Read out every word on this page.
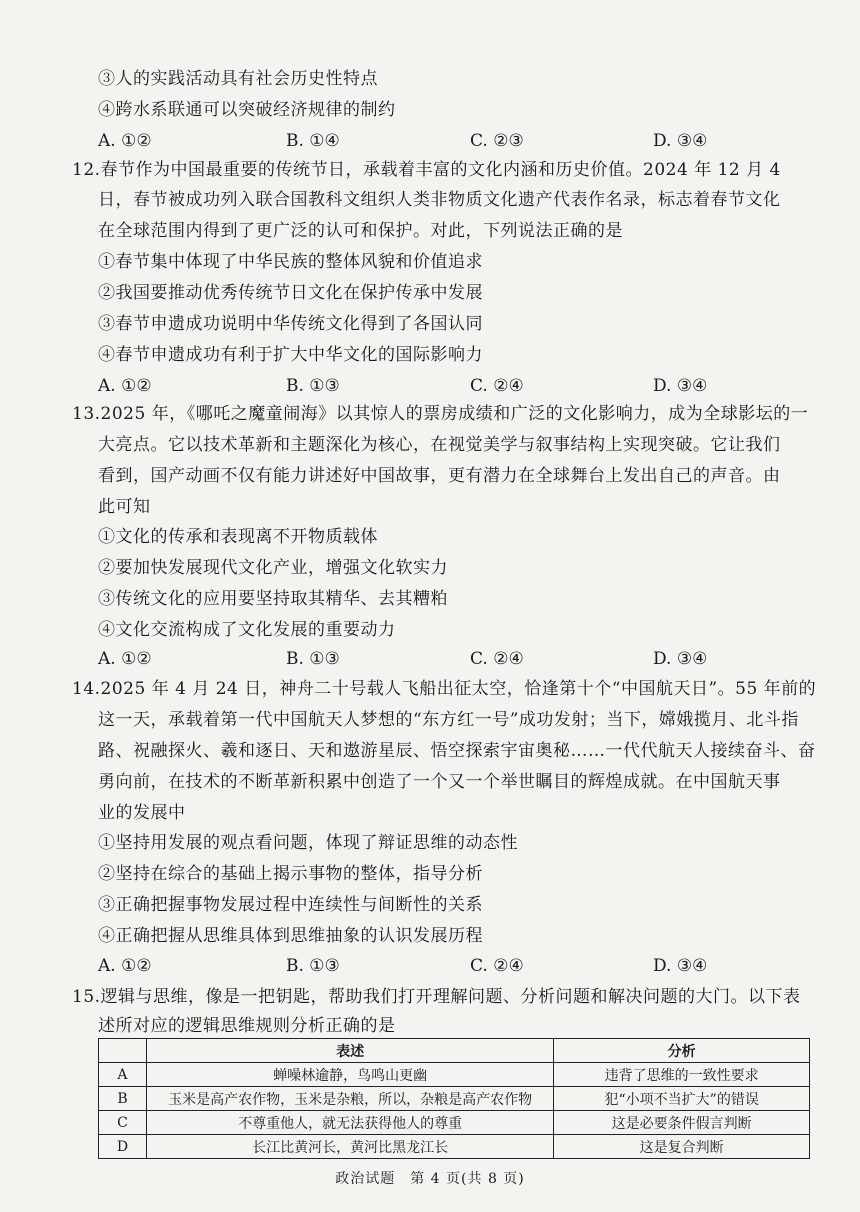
③人的实践活动具有社会历史性特点
④跨水系联通可以突破经济规律的制约
A. ①②	B. ①④	C. ②③	D. ③④
12.春节作为中国最重要的传统节日，承载着丰富的文化内涵和历史价值。2024 年 12 月 4
日，春节被成功列入联合国教科文组织人类非物质文化遗产代表作名录，标志着春节文化
在全球范围内得到了更广泛的认可和保护。对此，下列说法正确的是
①春节集中体现了中华民族的整体风貌和价值追求
②我国要推动优秀传统节日文化在保护传承中发展
③春节申遗成功说明中华传统文化得到了各国认同
④春节申遗成功有利于扩大中华文化的国际影响力
A. ①②	B. ①③	C. ②④	D. ③④
13.2025 年，《哪吒之魔童闹海》以其惊人的票房成绩和广泛的文化影响力，成为全球影坛的一
大亮点。它以技术革新和主题深化为核心，在视觉美学与叙事结构上实现突破。它让我们
看到，国产动画不仅有能力讲述好中国故事，更有潜力在全球舞台上发出自己的声音。由
此可知
①文化的传承和表现离不开物质载体
②要加快发展现代文化产业，增强文化软实力
③传统文化的应用要坚持取其精华、去其糟粕
④文化交流构成了文化发展的重要动力
A. ①②	B. ①③	C. ②④	D. ③④
14.2025 年 4 月 24 日，神舟二十号载人飞船出征太空，恰逢第十个“中国航天日”。55 年前的
这一天，承载着第一代中国航天人梦想的“东方红一号”成功发射；当下，嫦娥揽月、北斗指
路、祝融探火、羲和逐日、天和遨游星辰、悟空探索宇宙奥秘……一代代航天人接续奋斗、奋
勇向前，在技术的不断革新积累中创造了一个又一个举世瞩目的辉煌成就。在中国航天事
业的发展中
①坚持用发展的观点看问题，体现了辩证思维的动态性
②坚持在综合的基础上揭示事物的整体，指导分析
③正确把握事物发展过程中连续性与间断性的关系
④正确把握从思维具体到思维抽象的认识发展历程
A. ①②	B. ①③	C. ②④	D. ③④
15.逻辑与思维，像是一把钥匙，帮助我们打开理解问题、分析问题和解决问题的大门。以下表
述所对应的逻辑思维规则分析正确的是
	表述	分析
A	蝉噪林逾静，鸟鸣山更幽	违背了思维的一致性要求
B	玉米是高产农作物，玉米是杂粮，所以，杂粮是高产农作物	犯“小项不当扩大”的错误
C	不尊重他人，就无法获得他人的尊重	这是必要条件假言判断
D	长江比黄河长，黄河比黑龙江长	这是复合判断
政治试题　第 4 页(共 8 页)
